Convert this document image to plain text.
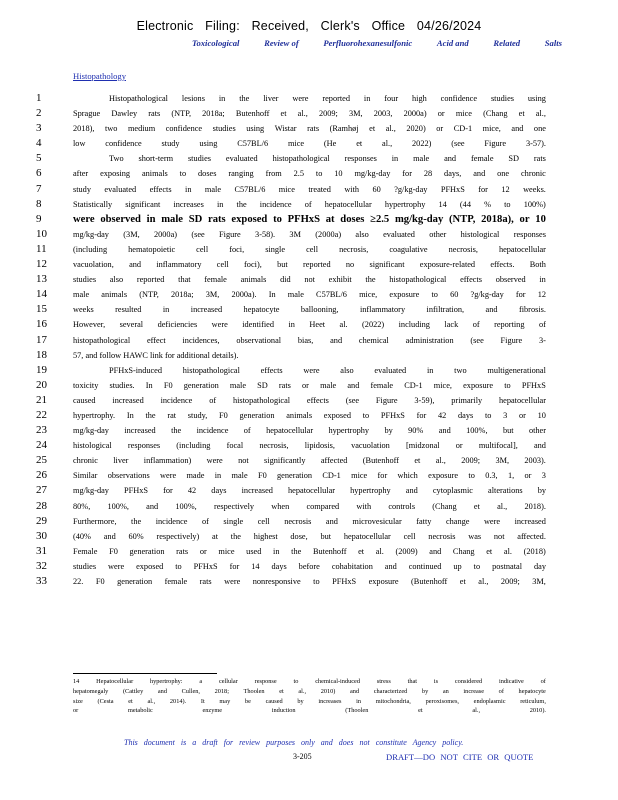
Electronic Filing: Received, Clerk's Office 04/26/2024
Toxicological	Review of	Perfluorohexanesulfonic	Acid and	Related	Salts
Histopathology
1	Histopathological lesions in the liver were reported in four high confidence studies using
2	Sprague Dawley rats (NTP, 2018a; Butenhoff et al., 2009; 3M, 2003, 2000a) or mice (Chang et al.,
3	2018), two medium confidence studies using Wistar rats (Ramhøj et al., 2020) or CD-1 mice, and one
4	low confidence study using C57BL/6 mice (He et al., 2022) (see Figure 3-57).
5	Two short-term studies evaluated histopathological responses in male and female SD rats
6	after exposing animals to doses ranging from 2.5 to 10 mg/kg-day for 28 days, and one chronic
7	study evaluated effects in male C57BL/6 mice treated with 60 ?g/kg-day PFHxS for 12 weeks.
8	Statistically significant increases in the incidence of hepatocellular hypertrophy 14 (44 % to 100%)
9	were observed in male SD rats exposed to PFHxS at doses ≥2.5 mg/kg-day (NTP, 2018a), or 10
10	mg/kg-day (3M, 2000a) (see Figure 3-58). 3M (2000a) also evaluated other histological responses
11	(including	hematopoietic	cell	foci,	single	cell	necrosis,	coagulative	necrosis,	hepatocellular
12	vacuolation, and inflammatory cell foci), but reported no significant exposure-related effects. Both
13	studies also reported that female animals did not exhibit the histopathological effects observed in
14	male animals (NTP, 2018a; 3M, 2000a). In male C57BL/6 mice, exposure to 60 ?g/kg-day for 12
15	weeks	resulted	in	increased	hepatocyte	ballooning,	inflammatory	infiltration,	and	fibrosis.
16	However, several deficiencies were identified in Heet al. (2022) including lack of reporting of
17	histopathological effect incidences, observational bias, and chemical administration (see Figure 3-
18	57, and follow HAWC link for additional details).
19	PFHxS-induced	histopathological	effects	were	also	evaluated	in	two	multigenerational
20	toxicity studies. In F0 generation male SD rats or male and female CD-1 mice, exposure to PFHxS
21	caused increased incidence of histopathological effects (see Figure 3-59), primarily hepatocellular
22	hypertrophy. In the rat study, F0 generation animals exposed to PFHxS for 42 days to 3 or 10
23	mg/kg-day increased the incidence of hepatocellular hypertrophy by 90% and 100%, but other
24	histological responses (including focal necrosis, lipidosis, vacuolation [midzonal or multifocal], and
25	chronic liver inflammation) were not significantly affected (Butenhoff et al., 2009; 3M, 2003).
26	Similar observations were made in male F0 generation CD-1 mice for which exposure to 0.3, 1, or 3
27	mg/kg-day PFHxS for 42 days increased hepatocellular hypertrophy and cytoplasmic alterations by
28	80%, 100%, and 100%, respectively when compared with controls (Chang et al., 2018).
29	Furthermore, the incidence of single cell necrosis and microvesicular fatty change were increased
30	(40% and 60% respectively) at the highest dose, but hepatocellular cell necrosis was not affected.
31	Female F0 generation rats or mice used in the Butenhoff et al. (2009) and Chang et al. (2018)
32	studies were exposed to PFHxS for 14 days before cohabitation and continued up to postnatal day
33	22. F0 generation female rats were nonresponsive to PFHxS exposure (Butenhoff et al., 2009; 3M,
14	Hepatocellular	hypertrophy:	a	cellular	response	to	chemical-induced	stress	that	is	considered	indicative	of
hepatomegaly (Cattley and Cullen, 2018; Thoolen et al., 2010) and characterized by an increase of hepatocyte
size (Cesta et al., 2014). It may be caused by increases in mitochondria, peroxisomes, endoplasmic reticulum,
or	metabolic	enzyme	induction	(Thoolen	et	al.,	2010).
This document is a draft for review purposes only and does not constitute Agency policy.
3-205	DRAFT—DO NOT CITE OR QUOTE
